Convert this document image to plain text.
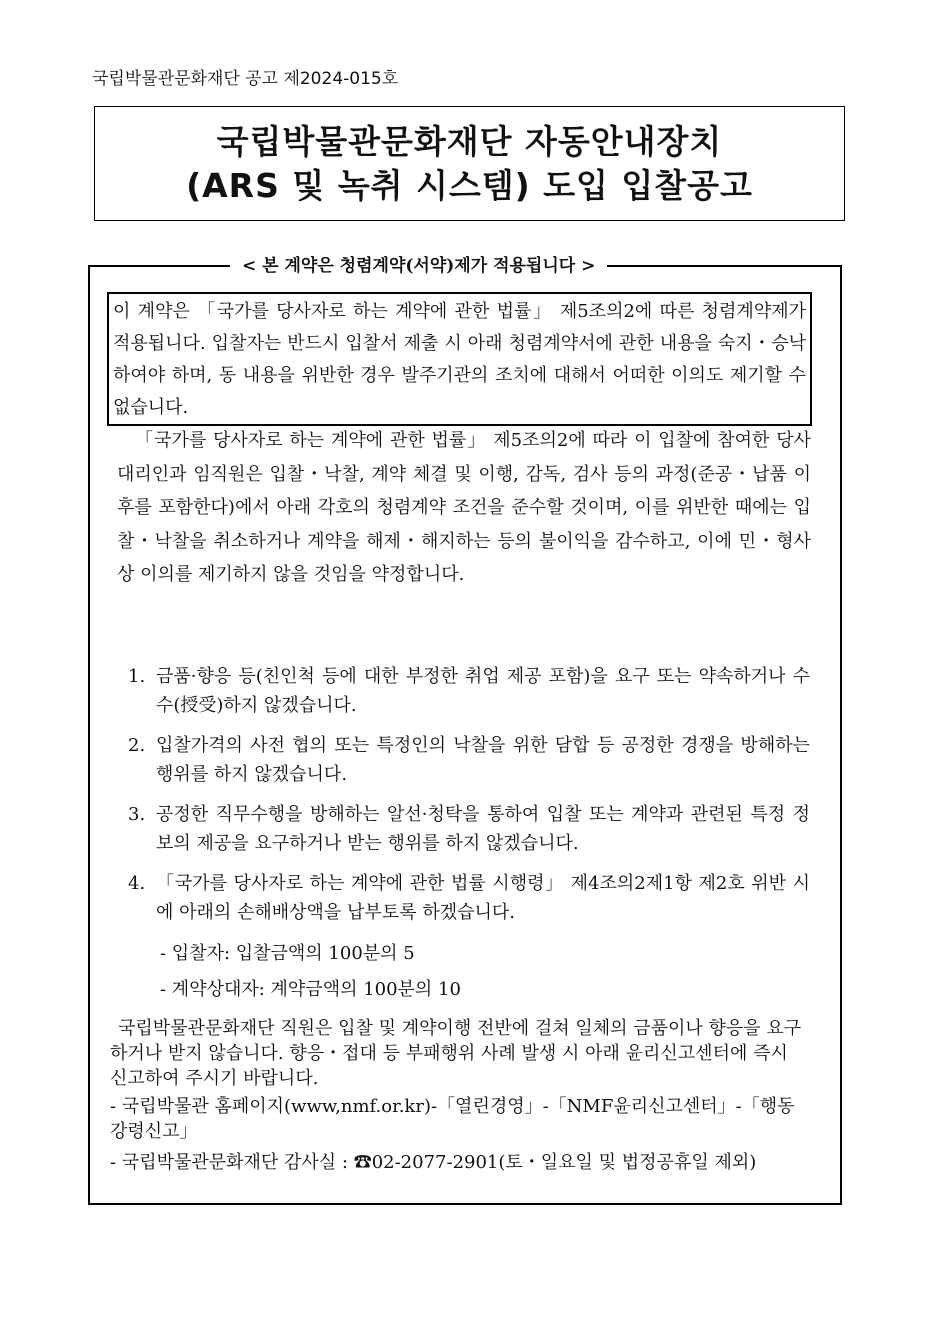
국립박물관문화재단 공고 제2024-015호
국립박물관문화재단 자동안내장치
(ARS 및 녹취 시스템) 도입 입찰공고
< 본 계약은 청렴계약(서약)제가 적용됩니다 >
이 계약은 「국가를 당사자로 하는 계약에 관한 법률」 제5조의2에 따른 청렴계약제가 적용됩니다. 입찰자는 반드시 입찰서 제출 시 아래 청렴계약서에 관한 내용을 숙지・승낙하여야 하며, 동 내용을 위반한 경우 발주기관의 조치에 대해서 어떠한 이의도 제기할 수 없습니다.

「국가를 당사자로 하는 계약에 관한 법률」 제5조의2에 따라 이 입찰에 참여한 당사 대리인과 임직원은 입찰・낙찰, 계약 체결 및 이행, 감독, 검사 등의 과정(준공・납품 이후를 포함한다)에서 아래 각호의 청렴계약 조건을 준수할 것이며, 이를 위반한 때에는 입찰・낙찰을 취소하거나 계약을 해제・해지하는 등의 불이익을 감수하고, 이에 민・형사상 이의를 제기하지 않을 것임을 약정합니다.

1. 금품·향응 등(친인척 등에 대한 부정한 취업 제공 포함)을 요구 또는 약속하거나 수수(授受)하지 않겠습니다.
2. 입찰가격의 사전 협의 또는 특정인의 낙찰을 위한 담합 등 공정한 경쟁을 방해하는 행위를 하지 않겠습니다.
3. 공정한 직무수행을 방해하는 알선·청탁을 통하여 입찰 또는 계약과 관련된 특정 정보의 제공을 요구하거나 받는 행위를 하지 않겠습니다.
4. 「국가를 당사자로 하는 계약에 관한 법률 시행령」 제4조의2제1항 제2호 위반 시에 아래의 손해배상액을 납부토록 하겠습니다.
- 입찰자: 입찰금액의 100분의 5
- 계약상대자: 계약금액의 100분의 10

국립박물관문화재단 직원은 입찰 및 계약이행 전반에 걸쳐 일체의 금품이나 향응을 요구하거나 받지 않습니다. 향응・접대 등 부패행위 사례 발생 시 아래 윤리신고센터에 즉시 신고하여 주시기 바랍니다.

- 국립박물관 홈페이지(www,nmf.or.kr)-「열린경영」-「NMF윤리신고센터」-「행동강령신고」

- 국립박물관문화재단 감사실 : ☎02-2077-2901(토・일요일 및 법정공휴일 제외)
